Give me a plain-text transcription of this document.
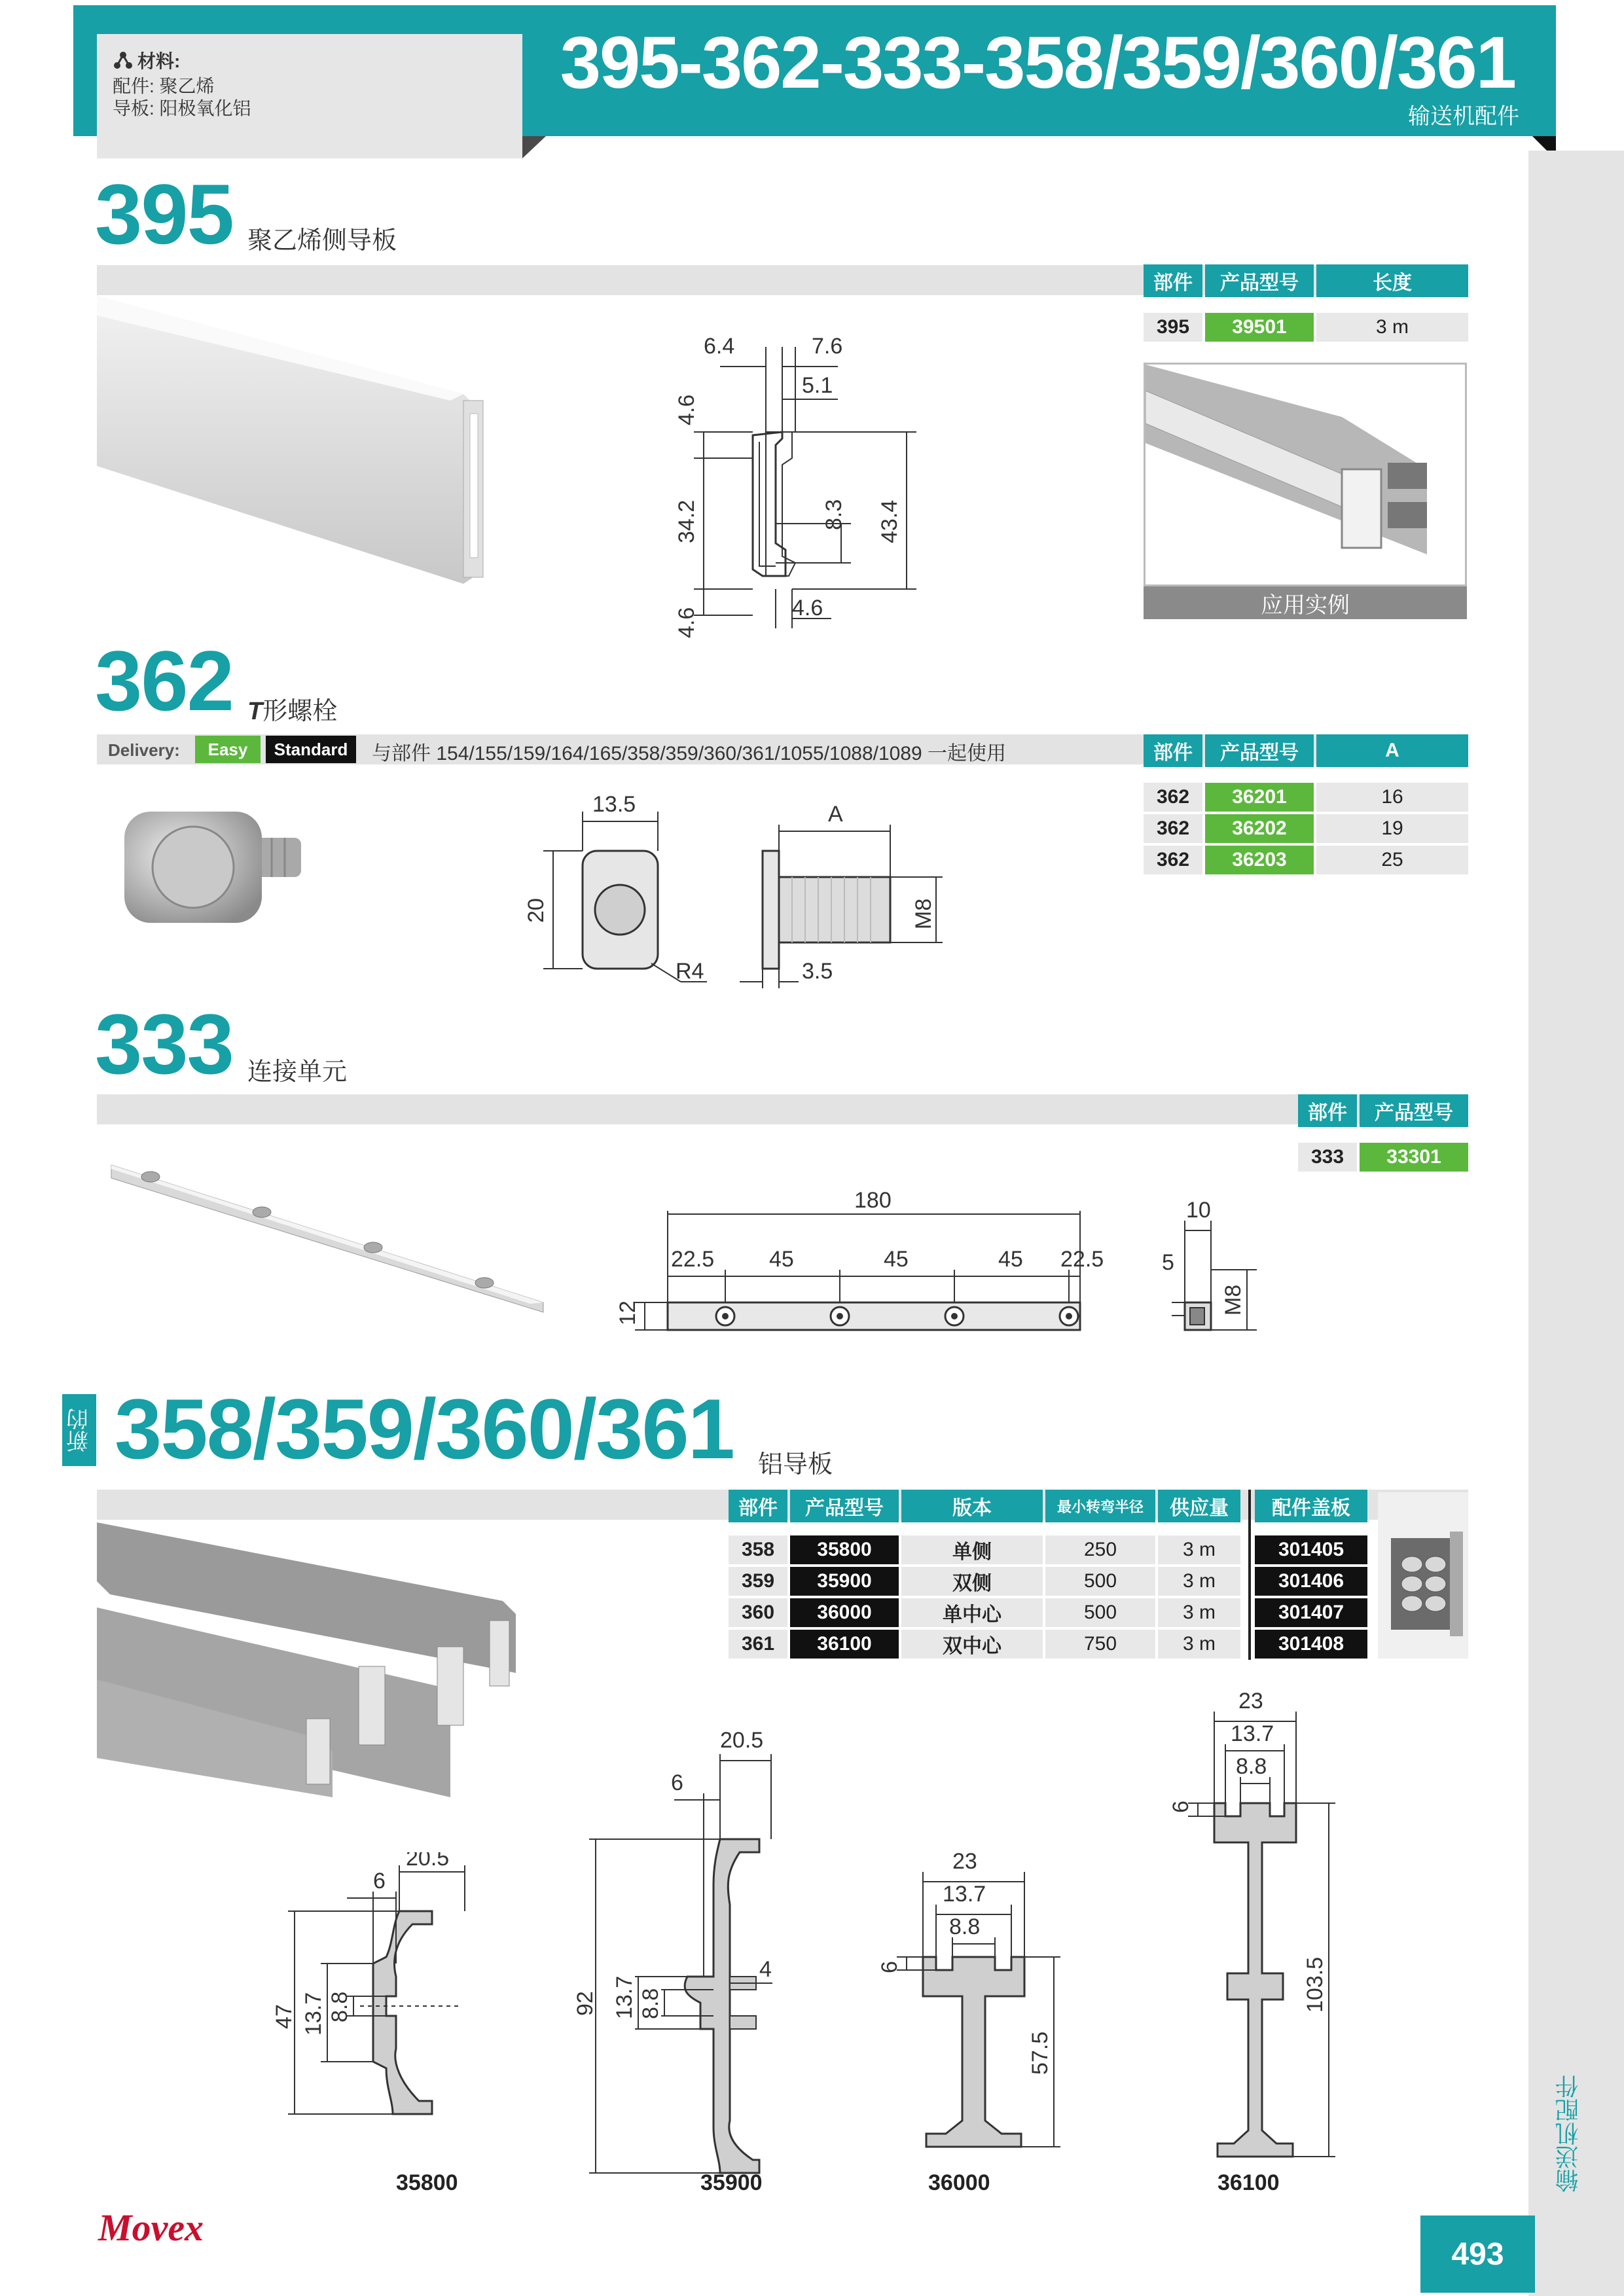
材料:
配件: 聚乙烯
导板: 阳极氧化铝
395-362-333-358/359/360/361
输送机配件
输送机配件
395 聚乙烯侧导板
部件	产品型号	长度
395	39501	3 m
6.4	7.6
5.1
4.6
34.2	8.3 43.4
4.6	4.6	应用实例
362 T形螺栓
Delivery:	Easy	Standard	与部件 154/155/159/164/165/358/359/360/361/1055/1088/1089 一起使用	部件	产品型号	A
362	36201	16
362	36202	19
362	36203	25
13.5
20
R4
A
M8
3.5
333 连接单元
部件	产品型号
333	33301
180
22.5 45	45	45 22.5
12
10
5
M8
新的 358/359/360/361 铝导板
部件	产品型号	版本	最小转弯半径	供应量	配件盖板
358	35800	单侧	250	3 m	301405
359	35900	双侧	500	3 m	301406
360	36000	单中心	500	3 m	301407
361	36100	双中心	750	3 m	301408
20.5
6
47 13.7 8.8
35800
20.5
6
92 13.7 8.8
4
35900
23
13.7
8.8
6
57.5
36000
23
13.7
8.8
6
103.5
36100
Movex
493
